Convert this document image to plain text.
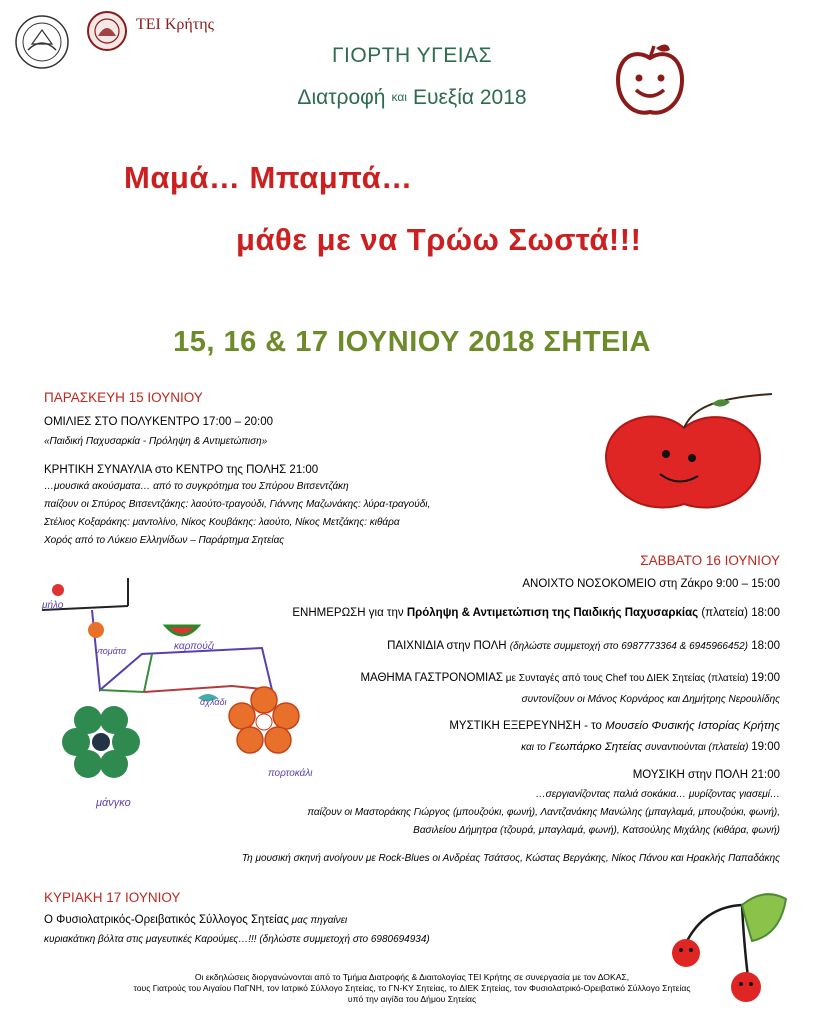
TEI Κρήτης
ΓΙΟΡΤΗ ΥΓΕΙΑΣ
Διατροφή και Ευεξία 2018
Μαμά… Μπαμπά…
μάθε με να Τρώω Σωστά!!!
15, 16 & 17 ΙΟΥΝΙΟΥ 2018 ΣΗΤΕΙΑ
ΠΑΡΑΣΚΕΥΗ 15 ΙΟΥΝΙΟΥ
ΟΜΙΛΙΕΣ ΣΤΟ ΠΟΛΥΚΕΝΤΡΟ 17:00 – 20:00
«Παιδική Παχυσαρκία - Πρόληψη & Αντιμετώπιση»
ΚΡΗΤΙΚΗ ΣΥΝΑΥΛΙΑ στο ΚΕΝΤΡΟ της ΠΟΛΗΣ 21:00
…μουσικά ακούσματα… από το συγκρότημα του Σπύρου Βιτσεντζάκη
παίζουν οι Σπύρος Βιτσεντζάκης: λαούτο-τραγούδι, Γιάννης Μαζωνάκης: λύρα-τραγούδι,
Στέλιος Κοξαράκης: μαντολίνο, Νίκος Κουβάκης: λαούτο, Νίκος Μετζάκης: κιθάρα
Χορός από το Λύκειο Ελληνίδων – Παράρτημα Σητείας
ΣΑΒΒΑΤΟ 16 ΙΟΥΝΙΟΥ
ΑΝΟΙΧΤΟ ΝΟΣΟΚΟΜΕΙΟ στη Ζάκρο 9:00 – 15:00
ΕΝΗΜΕΡΩΣΗ για την Πρόληψη & Αντιμετώπιση της Παιδικής Παχυσαρκίας (πλατεία) 18:00
ΠΑΙΧΝΙΔΙΑ στην ΠΟΛΗ (δηλώστε συμμετοχή στο 6987773364 & 6945966452) 18:00
ΜΑΘΗΜΑ ΓΑΣΤΡΟΝΟΜΙΑΣ με Συνταγές από τους Chef του ΔΙΕΚ Σητείας (πλατεία) 19:00
συντονίζουν οι Μάνος Κορνάρος και Δημήτρης Νερουλίδης
ΜΥΣΤΙΚΗ ΕΞΕΡΕΥΝΗΣΗ - το Μουσείο Φυσικής Ιστορίας Κρήτης
και το Γεωπάρκο Σητείας συναντιούνται (πλατεία) 19:00
ΜΟΥΣΙΚΗ στην ΠΟΛΗ 21:00
…σεργιανίζοντας παλιά σοκάκια… μυρίζοντας γιασεμί…
παίζουν οι Μαστοράκης Γιώργος (μπουζούκι, φωνή), Λαντζανάκης Μανώλης (μπαγλαμά, μπουζούκι, φωνή),
Βασιλείου Δήμητρα (τζουρά, μπαγλαμά, φωνή), Κατσούλης Μιχάλης (κιθάρα, φωνή)
Τη μουσική σκηνή ανοίγουν με Rock-Blues οι Ανδρέας Τσάτσος, Κώστας Βεργάκης, Νίκος Πάνου και Ηρακλής Παπαδάκης
μήλο
ντομάτα	καρπούζι
αχλάδι
πορτοκάλι
μάνγκο
ΚΥΡΙΑΚΗ 17 ΙΟΥΝΙΟΥ
Ο Φυσιολατρικός-Ορειβατικός Σύλλογος Σητείας μας πηγαίνει
κυριακάτικη βόλτα στις μαγευτικές Καρούμες…!!! (δηλώστε συμμετοχή στο 6980694934)
Οι εκδηλώσεις διοργανώνονται από το Τμήμα Διατροφής & Διαιτολογίας ΤΕΙ Κρήτης σε συνεργασία με τον ΔΟΚΑΣ,
τους Γιατρούς του Αιγαίου ΠαΓΝΗ, τον Ιατρικό Σύλλογο Σητείας, το ΓΝ-ΚΥ Σητείας, το ΔΙΕΚ Σητείας, τον Φυσιολατρικό-Ορειβατικό Σύλλογο Σητείας
υπό την αιγίδα του Δήμου Σητείας
